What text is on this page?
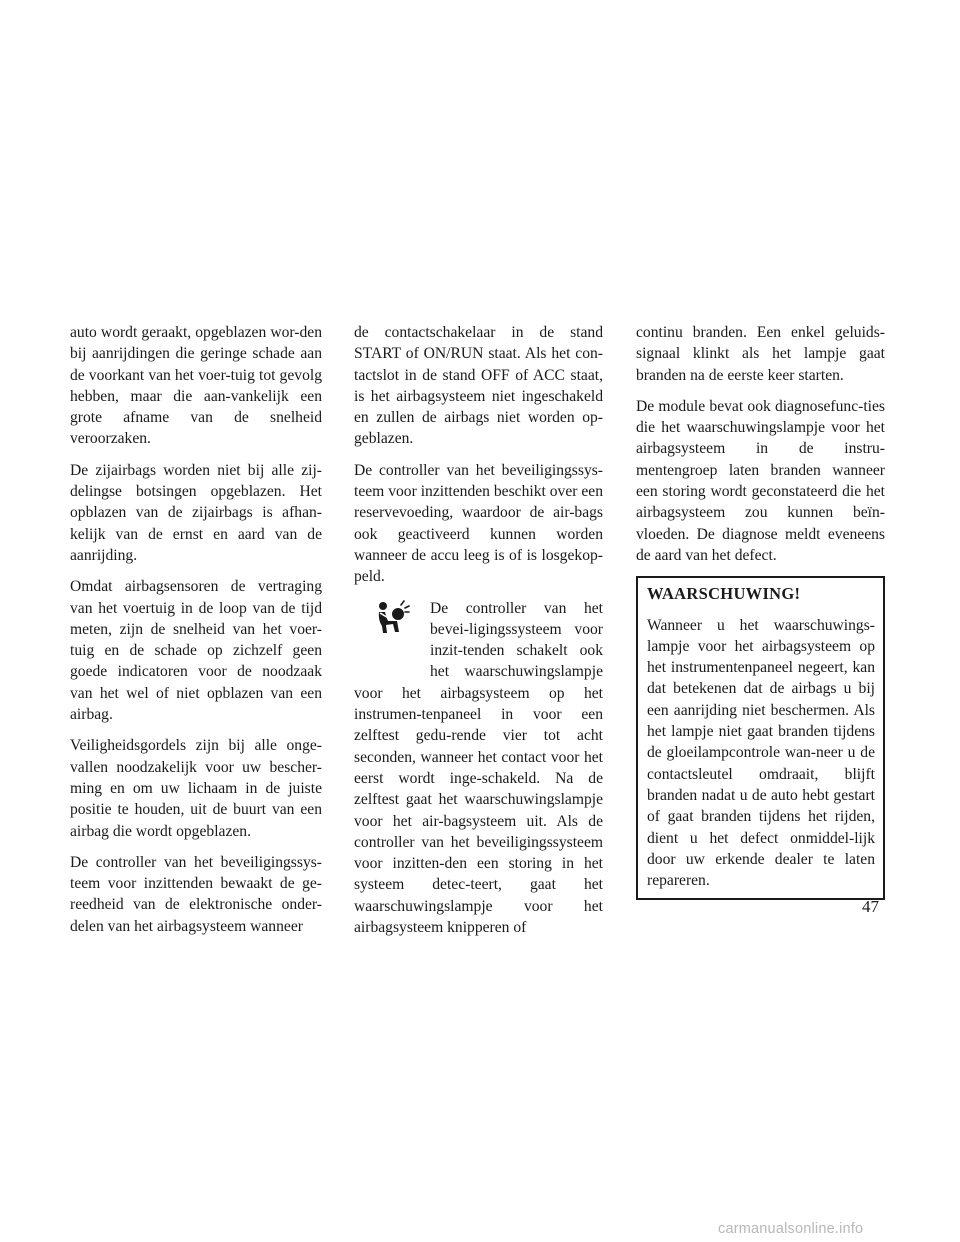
auto wordt geraakt, opgeblazen wor-den bij aanrijdingen die geringe schade aan de voorkant van het voer-tuig tot gevolg hebben, maar die aan-vankelijk een grote afname van de snelheid veroorzaken.

De zijairbags worden niet bij alle zij-delingse botsingen opgeblazen. Het opblazen van de zijairbags is afhan-kelijk van de ernst en aard van de aanrijding.

Omdat airbagsensoren de vertraging van het voertuig in de loop van de tijd meten, zijn de snelheid van het voer-tuig en de schade op zichzelf geen goede indicatoren voor de noodzaak van het wel of niet opblazen van een airbag.

Veiligheidsgordels zijn bij alle onge-vallen noodzakelijk voor uw bescher-ming en om uw lichaam in de juiste positie te houden, uit de buurt van een airbag die wordt opgeblazen.

De controller van het beveiligingssys-teem voor inzittenden bewaakt de ge-reedheid van de elektronische onder-delen van het airbagsysteem wanneer

de contactschakelaar in de stand START of ON/RUN staat. Als het con-tactslot in de stand OFF of ACC staat, is het airbagsysteem niet ingeschakeld en zullen de airbags niet worden op-geblazen.

De controller van het beveiligingssys-teem voor inzittenden beschikt over een reservevoeding, waardoor de air-bags ook geactiveerd kunnen worden wanneer de accu leeg is of is losgekop-peld.

De controller van het bevei-ligingssysteem voor inzit-tenden schakelt ook het waarschuwingslampje voor het airbagsysteem op het instrumen-tenpaneel in voor een zelftest gedu-rende vier tot acht seconden, wanneer het contact voor het eerst wordt inge-schakeld. Na de zelftest gaat het waarschuwingslampje voor het air-bagsysteem uit. Als de controller van het beveiligingssysteem voor inzitten-den een storing in het systeem detec-teert, gaat het waarschuwingslampje voor het airbagsysteem knipperen of

continu branden. Een enkel geluids-signaal klinkt als het lampje gaat branden na de eerste keer starten.

De module bevat ook diagnosefunc-ties die het waarschuwingslampje voor het airbagsysteem in de instru-mentengroep laten branden wanneer een storing wordt geconstateerd die het airbagsysteem zou kunnen beïn-vloeden. De diagnose meldt eveneens de aard van het defect.

WAARSCHUWING!

Wanneer u het waarschuwings-lampje voor het airbagsysteem op het instrumentenpaneel negeert, kan dat betekenen dat de airbags u bij een aanrijding niet beschermen. Als het lampje niet gaat branden tijdens de gloeilampcontrole wan-neer u de contactsleutel omdraait, blijft branden nadat u de auto hebt gestart of gaat branden tijdens het rijden, dient u het defect onmiddel-lijk door uw erkende dealer te laten repareren.

47
carmanualsonline.info
